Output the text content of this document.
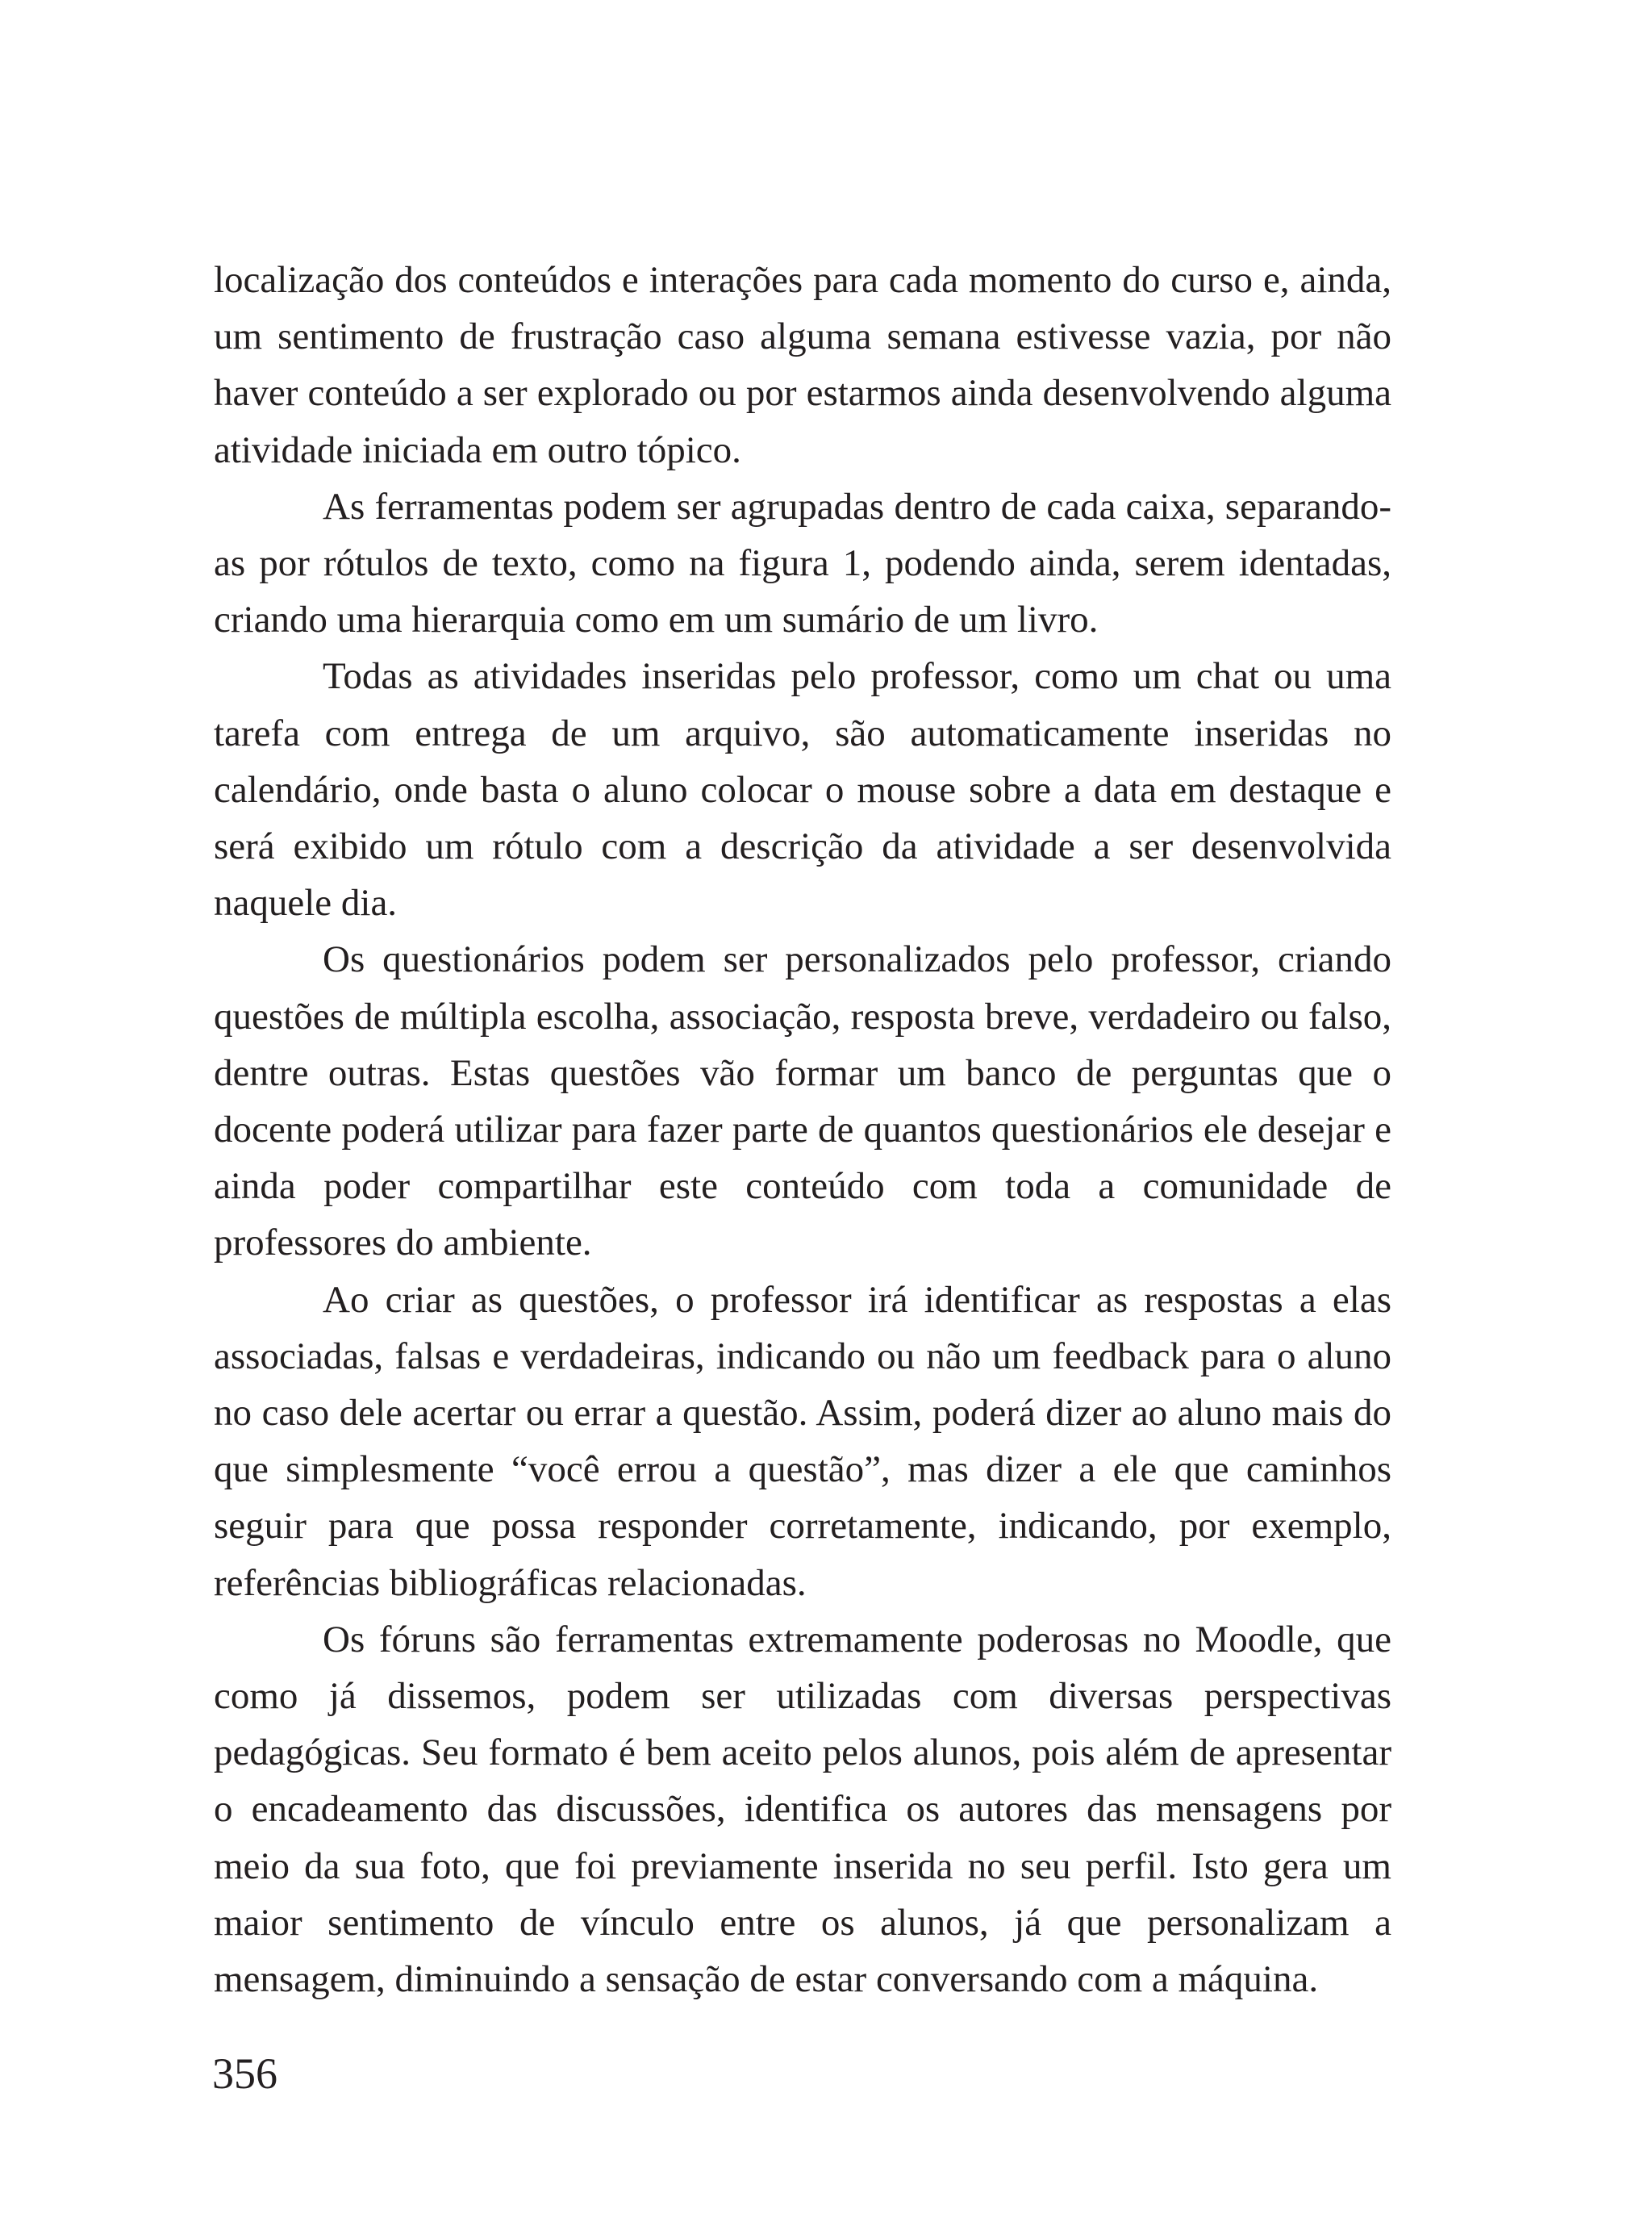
localização dos conteúdos e interações para cada momento do curso e, ainda, um sentimento de frustração caso alguma semana estivesse vazia, por não haver conteúdo a ser explorado ou por estarmos ainda desenvolvendo alguma atividade iniciada em outro tópico.

As ferramentas podem ser agrupadas dentro de cada caixa, separando-as por rótulos de texto, como na figura 1, podendo ainda, serem identadas, criando uma hierarquia como em um sumário de um livro.

Todas as atividades inseridas pelo professor, como um chat ou uma tarefa com entrega de um arquivo, são automaticamente inseridas no calendário, onde basta o aluno colocar o mouse sobre a data em destaque e será exibido um rótulo com a descrição da atividade a ser desenvolvida naquele dia.

Os questionários podem ser personalizados pelo professor, criando questões de múltipla escolha, associação, resposta breve, verdadeiro ou falso, dentre outras. Estas questões vão formar um banco de perguntas que o docente poderá utilizar para fazer parte de quantos questionários ele desejar e ainda poder compartilhar este conteúdo com toda a comunidade de professores do ambiente.

Ao criar as questões, o professor irá identificar as respostas a elas associadas, falsas e verdadeiras, indicando ou não um feedback para o aluno no caso dele acertar ou errar a questão. Assim, poderá dizer ao aluno mais do que simplesmente “você errou a questão”, mas dizer a ele que caminhos seguir para que possa responder corretamente, indicando, por exemplo, referências bibliográficas relacionadas.

Os fóruns são ferramentas extremamente poderosas no Moodle, que como já dissemos, podem ser utilizadas com diversas perspectivas pedagógicas. Seu formato é bem aceito pelos alunos, pois além de apresentar o encadeamento das discussões, identifica os autores das mensagens por meio da sua foto, que foi previamente inserida no seu perfil. Isto gera um maior sentimento de vínculo entre os alunos, já que personalizam a mensagem, diminuindo a sensação de estar conversando com a máquina.

356
